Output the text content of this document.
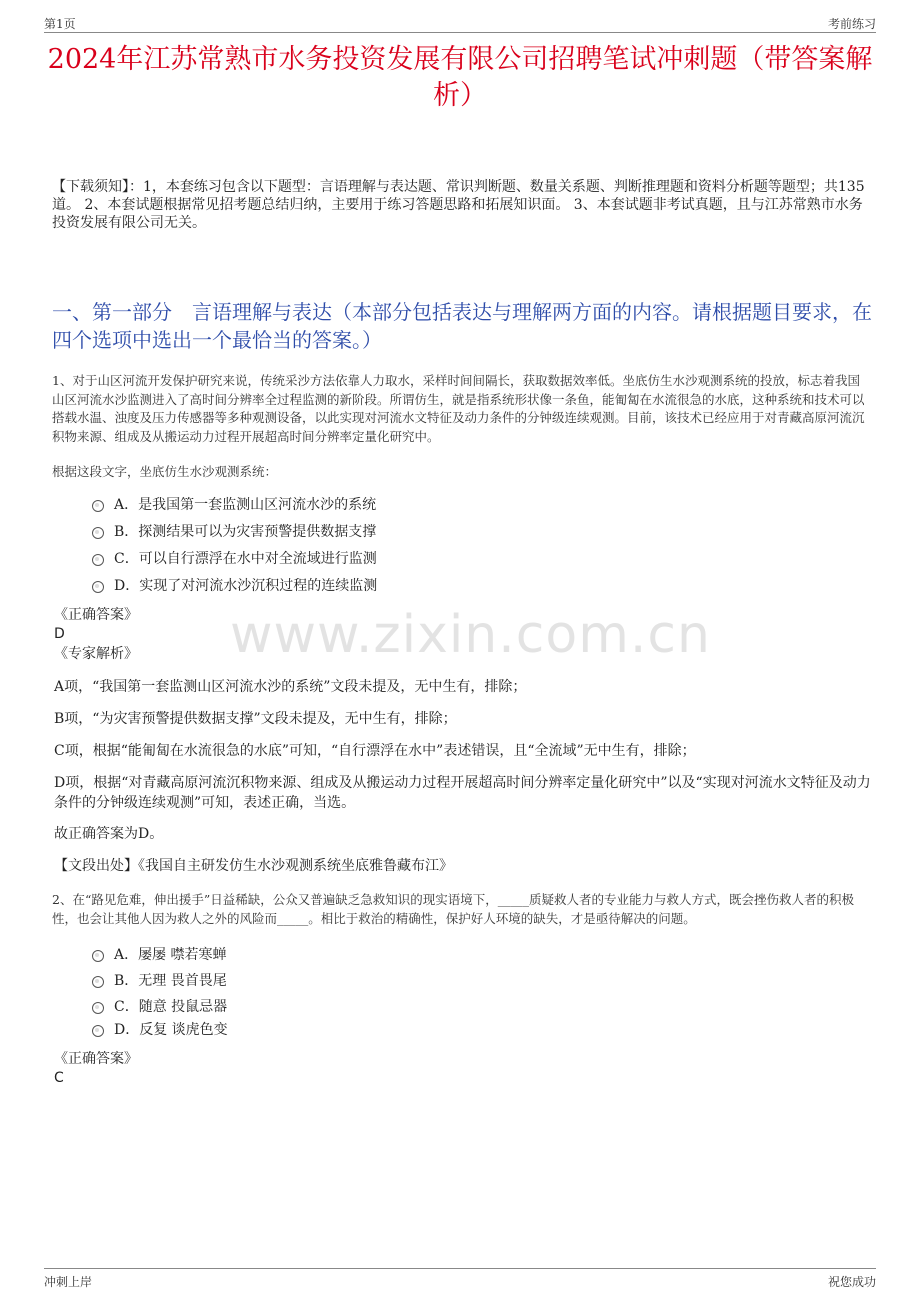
第1页	考前练习
2024年江苏常熟市水务投资发展有限公司招聘笔试冲刺题（带答案解析）
【下载须知】：1，本套练习包含以下题型：言语理解与表达题、常识判断题、数量关系题、判断推理题和资料分析题等题型；共135道。 2、本套试题根据常见招考题总结归纳，主要用于练习答题思路和拓展知识面。 3、本套试题非考试真题，且与江苏常熟市水务投资发展有限公司无关。
一、第一部分　言语理解与表达（本部分包括表达与理解两方面的内容。请根据题目要求，在四个选项中选出一个最恰当的答案。）
www.zixin.com.cn
1、对于山区河流开发保护研究来说，传统采沙方法依靠人力取水，采样时间间隔长，获取数据效率低。坐底仿生水沙观测系统的投放，标志着我国山区河流水沙监测进入了高时间分辨率全过程监测的新阶段。所谓仿生，就是指系统形状像一条鱼，能匍匐在水流很急的水底，这种系统和技术可以搭载水温、浊度及压力传感器等多种观测设备，以此实现对河流水文特征及动力条件的分钟级连续观测。目前，该技术已经应用于对青藏高原河流沉积物来源、组成及从搬运动力过程开展超高时间分辨率定量化研究中。
根据这段文字，坐底仿生水沙观测系统：
A．是我国第一套监测山区河流水沙的系统
B．探测结果可以为灾害预警提供数据支撑
C．可以自行漂浮在水中对全流域进行监测
D．实现了对河流水沙沉积过程的连续监测
《正确答案》
D
《专家解析》
A项，“我国第一套监测山区河流水沙的系统”文段未提及，无中生有，排除；
B项，“为灾害预警提供数据支撑”文段未提及，无中生有，排除；
C项，根据“能匍匐在水流很急的水底”可知，“自行漂浮在水中”表述错误，且“全流域”无中生有，排除；
D项，根据“对青藏高原河流沉积物来源、组成及从搬运动力过程开展超高时间分辨率定量化研究中”以及“实现对河流水文特征及动力条件的分钟级连续观测”可知，表述正确，当选。
故正确答案为D。
【文段出处】《我国自主研发仿生水沙观测系统坐底雅鲁藏布江》
2、在“路见危难，伸出援手”日益稀缺，公众又普遍缺乏急救知识的现实语境下，_____质疑救人者的专业能力与救人方式，既会挫伤救人者的积极性，也会让其他人因为救人之外的风险而_____。相比于救治的精确性，保护好人环境的缺失，才是亟待解决的问题。
A．屡屡 噤若寒蝉
B．无理 畏首畏尾
C．随意 投鼠忌器
D．反复 谈虎色变
《正确答案》
C
冲刺上岸	祝您成功
